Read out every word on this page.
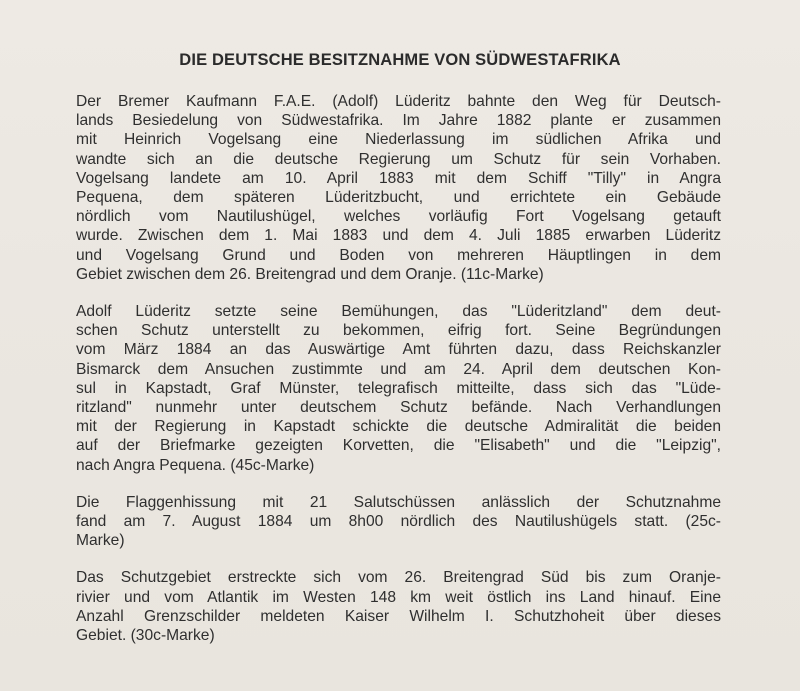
DIE DEUTSCHE BESITZNAHME VON SÜDWESTAFRIKA

Der Bremer Kaufmann F.A.E. (Adolf) Lüderitz bahnte den Weg für Deutsch-
lands Besiedelung von Südwestafrika. Im Jahre 1882 plante er zusammen
mit Heinrich Vogelsang eine Niederlassung im südlichen Afrika und
wandte sich an die deutsche Regierung um Schutz für sein Vorhaben.
Vogelsang landete am 10. April 1883 mit dem Schiff "Tilly" in Angra
Pequena, dem späteren Lüderitzbucht, und errichtete ein Gebäude
nördlich vom Nautilushügel, welches vorläufig Fort Vogelsang getauft
wurde. Zwischen dem 1. Mai 1883 und dem 4. Juli 1885 erwarben Lüderitz
und Vogelsang Grund und Boden von mehreren Häuptlingen in dem
Gebiet zwischen dem 26. Breitengrad und dem Oranje. (11c-Marke)

Adolf Lüderitz setzte seine Bemühungen, das "Lüderitzland" dem deut-
schen Schutz unterstellt zu bekommen, eifrig fort. Seine Begründungen
vom März 1884 an das Auswärtige Amt führten dazu, dass Reichskanzler
Bismarck dem Ansuchen zustimmte und am 24. April dem deutschen Kon-
sul in Kapstadt, Graf Münster, telegrafisch mitteilte, dass sich das "Lüde-
ritzland" nunmehr unter deutschem Schutz befände. Nach Verhandlungen
mit der Regierung in Kapstadt schickte die deutsche Admiralität die beiden
auf der Briefmarke gezeigten Korvetten, die "Elisabeth" und die "Leipzig",
nach Angra Pequena. (45c-Marke)

Die Flaggenhissung mit 21 Salutschüssen anlässlich der Schutznahme
fand am 7. August 1884 um 8h00 nördlich des Nautilushügels statt. (25c-
Marke)

Das Schutzgebiet erstreckte sich vom 26. Breitengrad Süd bis zum Oranje-
rivier und vom Atlantik im Westen 148 km weit östlich ins Land hinauf. Eine
Anzahl Grenzschilder meldeten Kaiser Wilhelm I. Schutzhoheit über dieses
Gebiet. (30c-Marke)
